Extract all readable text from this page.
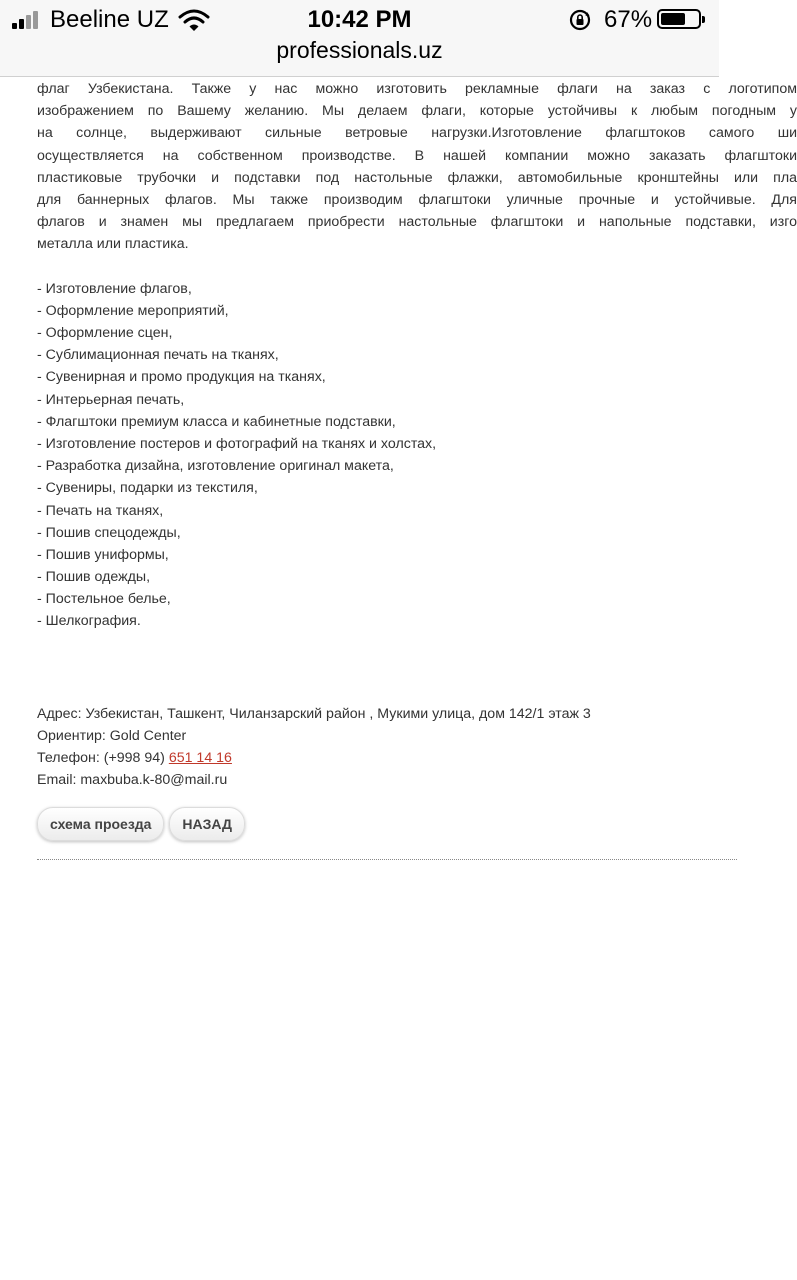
Beeline UZ	10:42 PM	67%
professionals.uz
флаг Узбекистана. Также у нас можно изготовить рекламные флаги на заказ с логотипом
изображением по Вашему желанию. Мы делаем флаги, которые устойчивы к любым погодным у
на солнце, выдерживают сильные ветровые нагрузки.Изготовление флагштоков самого ши
осуществляется на собственном производстве. В нашей компании можно заказать флагштоки
пластиковые трубочки и подставки под настольные флажки, автомобильные кронштейны или пла
для баннерных флагов. Мы также производим флагштоки уличные прочные и устойчивые. Для
флагов и знамен мы предлагаем приобрести настольные флагштоки и напольные подставки, изго
металла или пластика.
- Изготовление флагов,
- Оформление мероприятий,
- Оформление сцен,
- Сублимационная печать на тканях,
- Сувенирная и промо продукция на тканях,
- Интерьерная печать,
- Флагштоки премиум класса и кабинетные подставки,
- Изготовление постеров и фотографий на тканях и холстах,
- Разработка дизайна, изготовление оригинал макета,
- Сувениры, подарки из текстиля,
- Печать на тканях,
- Пошив спецодежды,
- Пошив униформы,
- Пошив одежды,
- Постельное белье,
- Шелкография.
Адрес: Узбекистан, Ташкент, Чиланзарский район , Мукими улица, дом 142/1 этаж 3
Ориентир: Gold Center
Телефон: (+998 94) 651 14 16
Email: maxbuba.k-80@mail.ru
схема проезда НАЗАД
